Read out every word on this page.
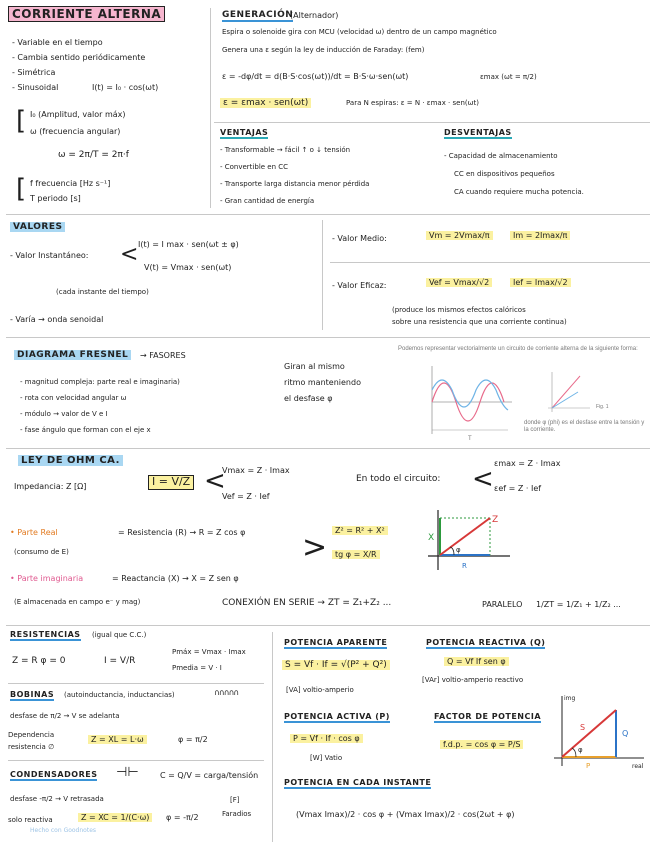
CORRIENTE ALTERNA
- Variable en el tiempo
- Cambia sentido periódicamente
- Simétrica
- Sinusoidal	I(t) = I₀ · cos(ωt)
[ I₀ (Amplitud, valor máx)
ω (frecuencia angular)
ω = 2π/T = 2π·f
[ f frecuencia [Hz s⁻¹]
T periodo [s]
GENERACIÓN
(Alternador)
Espira o solenoide gira con MCU (velocidad ω) dentro de un campo magnético
Genera una ε según la ley de inducción de Faraday: (fem)
ε = -dφ/dt = d(B·S·cos(ωt))/dt = B·S·ω·sen(ωt)	εmax (ωt = π/2)
ε = εmax · sen(ωt)	Para N espiras: ε = N · εmax · sen(ωt)
VENTAJAS
- Transformable → fácil ↑ o ↓ tensión
- Convertible en CC
- Transporte larga distancia menor pérdida
- Gran cantidad de energía
DESVENTAJAS
- Capacidad de almacenamiento
CC en dispositivos pequeños
CA cuando requiere mucha potencia.
VALORES
- Valor Instantáneo: < I(t) = I max · sen(ωt ± φ)
V(t) = Vmax · sen(ωt)
(cada instante del tiempo)
- Varía → onda senoidal
- Valor Medio:	Vm = 2Vmax/π	Im = 2Imax/π
- Valor Eficaz:	Vef = Vmax/√2	Ief = Imax/√2
(produce los mismos efectos calóricos
sobre una resistencia que una corriente continua)
DIAGRAMA FRESNEL	→ FASORES
- magnitud compleja: parte real e imaginaria)
- rota con velocidad angular ω
- módulo → valor de V e I
- fase ángulo que forman con el eje x
Giran al mismo
ritmo manteniendo
el desfase φ
Podemos representar vectorialmente un circuito de corriente alterna de la siguiente forma:
T
Fig. 1
donde φ (phi) es el desfase entre la tensión y la corriente.
LEY DE OHM CA.
Impedancia: Z [Ω]	I = V/Z <
Vmax = Z · Imax
Vef = Z · Ief
En todo el circuito: <
εmax = Z · Imax
εef = Z · Ief
• Parte Real	= Resistencia (R) → R = Z cos φ
(consumo de E)
• Parte imaginaria	= Reactancia (X) → X = Z sen φ
(E almacenada en campo e⁻ y mag)
> Z² = R² + X²
tg φ = X/R
X
R
Z
φ
CONEXIÓN EN SERIE → ZT = Z₁+Z₂ ...	PARALELO 1/ZT = 1/Z₁ + 1/Z₂ ...
RESISTENCIAS (igual que C.C.)
Z = R φ = 0	I = V/R
Pmáx = Vmax · Imax
Pmedia = V · I
BOBINAS (autoinductancia, inductancias)	∩∩∩∩∩
desfase de π/2 → V se adelanta
Dependencia
resistencia ∅
Z = XL = L·ω	φ = π/2
CONDENSADORES ⊣⊢	C = Q/V = carga/tensión
[F]
Faradios
desfase -π/2 → V retrasada
solo reactiva	Z = XC = 1/(C·ω)	φ = -π/2
Hecho con Goodnotes
POTENCIA APARENTE
S = Vf · If = √(P² + Q²)
[VA] voltio-amperio
POTENCIA REACTIVA (Q)
Q = Vf If sen φ
[VAr] voltio-amperio reactivo
POTENCIA ACTIVA (P)
P = Vf · If · cos φ
[W] Vatio
FACTOR DE POTENCIA
f.d.p. = cos φ = P/S
img
real
S
Q
P
φ
POTENCIA EN CADA INSTANTE
(Vmax Imax)/2 · cos φ + (Vmax Imax)/2 · cos(2ωt + φ)
